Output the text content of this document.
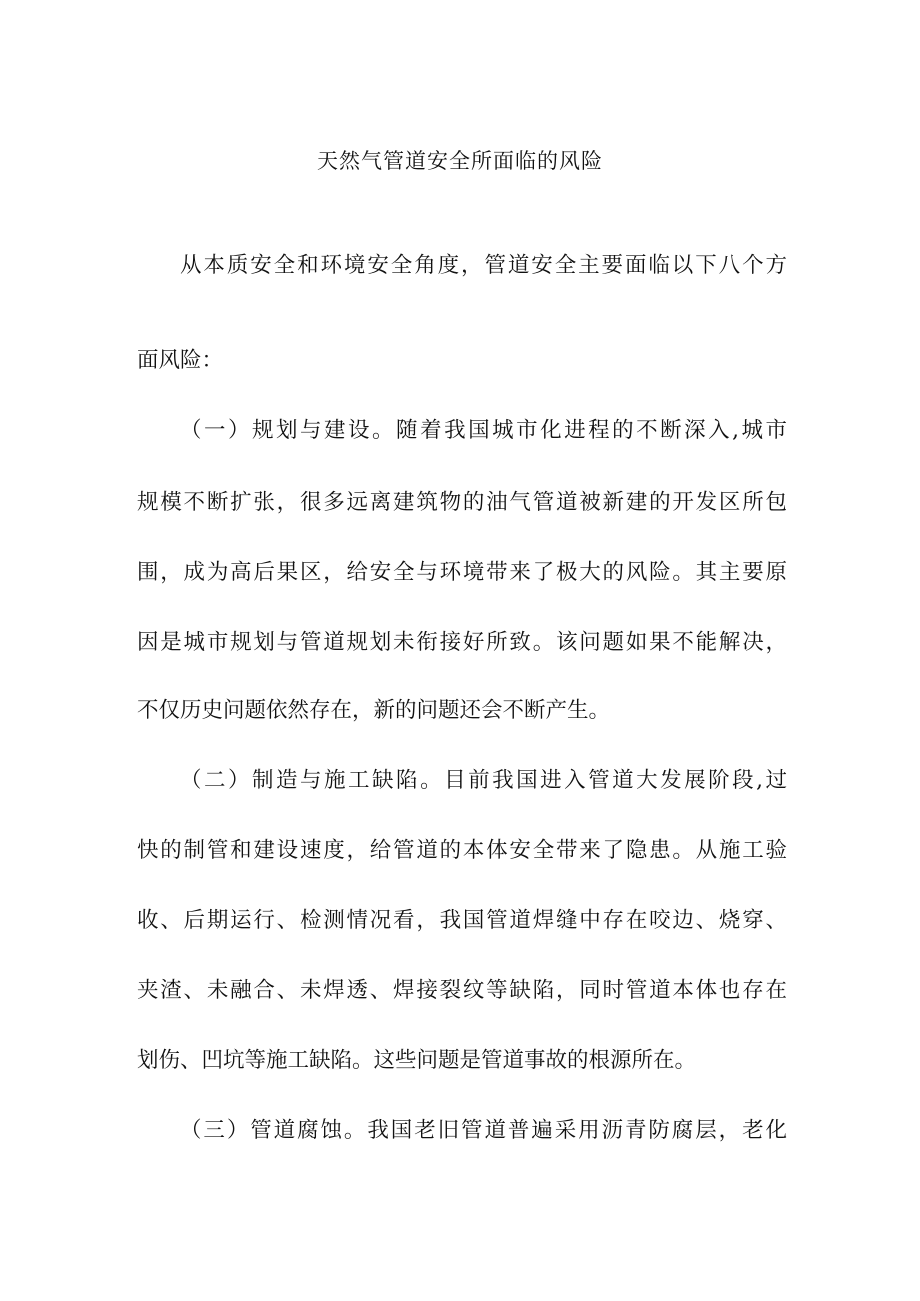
天然气管道安全所面临的风险
从本质安全和环境安全角度，管道安全主要面临以下八个方
面风险：
（一）规划与建设。随着我国城市化进程的不断深入,城市
规模不断扩张，很多远离建筑物的油气管道被新建的开发区所包
围，成为高后果区，给安全与环境带来了极大的风险。其主要原
因是城市规划与管道规划未衔接好所致。该问题如果不能解决，
不仅历史问题依然存在，新的问题还会不断产生。
（二）制造与施工缺陷。目前我国进入管道大发展阶段,过
快的制管和建设速度，给管道的本体安全带来了隐患。从施工验
收、后期运行、检测情况看，我国管道焊缝中存在咬边、烧穿、
夹渣、未融合、未焊透、焊接裂纹等缺陷，同时管道本体也存在
划伤、凹坑等施工缺陷。这些问题是管道事故的根源所在。
（三）管道腐蚀。我国老旧管道普遍采用沥青防腐层，老化
